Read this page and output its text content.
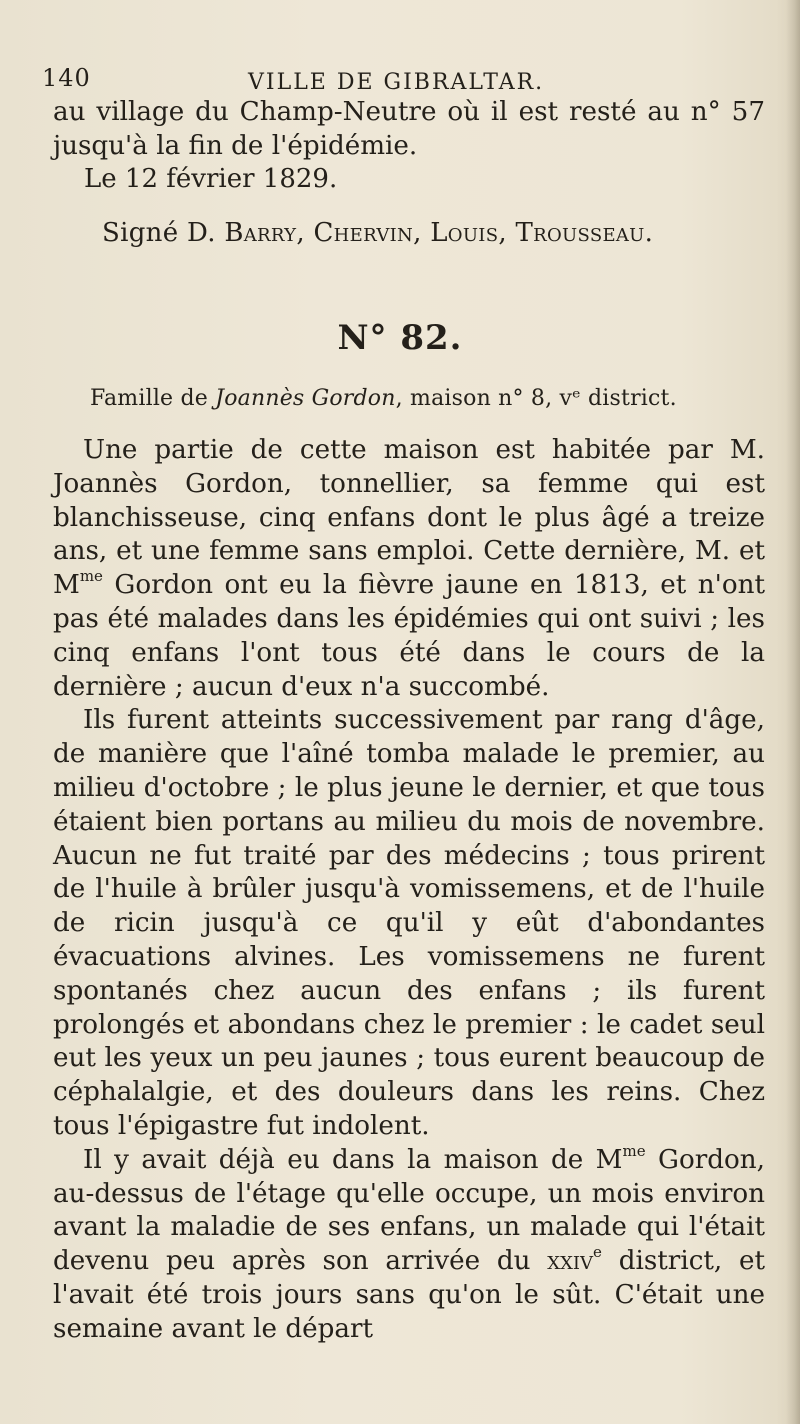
140	VILLE DE GIBRALTAR.
au village du Champ-Neutre où il est resté au n° 57 jusqu'à la fin de l'épidémie.
Le 12 février 1829.
Signé D. Barry, Chervin, Louis, Trousseau.
N° 82.
Famille de Joannès Gordon, maison n° 8, vᵉ district.

Une partie de cette maison est habitée par M. Joannès Gordon, tonnellier, sa femme qui est blanchisseuse, cinq enfans dont le plus âgé a treize ans, et une femme sans emploi. Cette dernière, M. et $M^{me}$ Gordon ont eu la fièvre jaune en 1813, et n'ont pas été malades dans les épidémies qui ont suivi ; les cinq enfans l'ont tous été dans le cours de la dernière ; aucun d'eux n'a succombé.

Ils furent atteints successivement par rang d'âge, de manière que l'aîné tomba malade le premier, au milieu d'octobre ; le plus jeune le dernier, et que tous étaient bien portans au milieu du mois de novembre. Aucun ne fut traité par des médecins ; tous prirent de l'huile à brûler jusqu'à vomissemens, et de l'huile de ricin jusqu'à ce qu'il y eût d'abondantes évacuations alvines. Les vomissemens ne furent spontanés chez aucun des enfans ; ils furent prolongés et abondans chez le premier : le cadet seul eut les yeux un peu jaunes ; tous eurent beaucoup de céphalalgie, et des douleurs dans les reins. Chez tous l'épigastre fut indolent.

Il y avait déjà eu dans la maison de $M^{me}$ Gordon, au-dessus de l'étage qu'elle occupe, un mois environ avant la maladie de ses enfans, un malade qui l'était devenu peu après son arrivée du xxiv$^e$ district, et l'avait été trois jours sans qu'on le sût. C'était une semaine avant le départ
